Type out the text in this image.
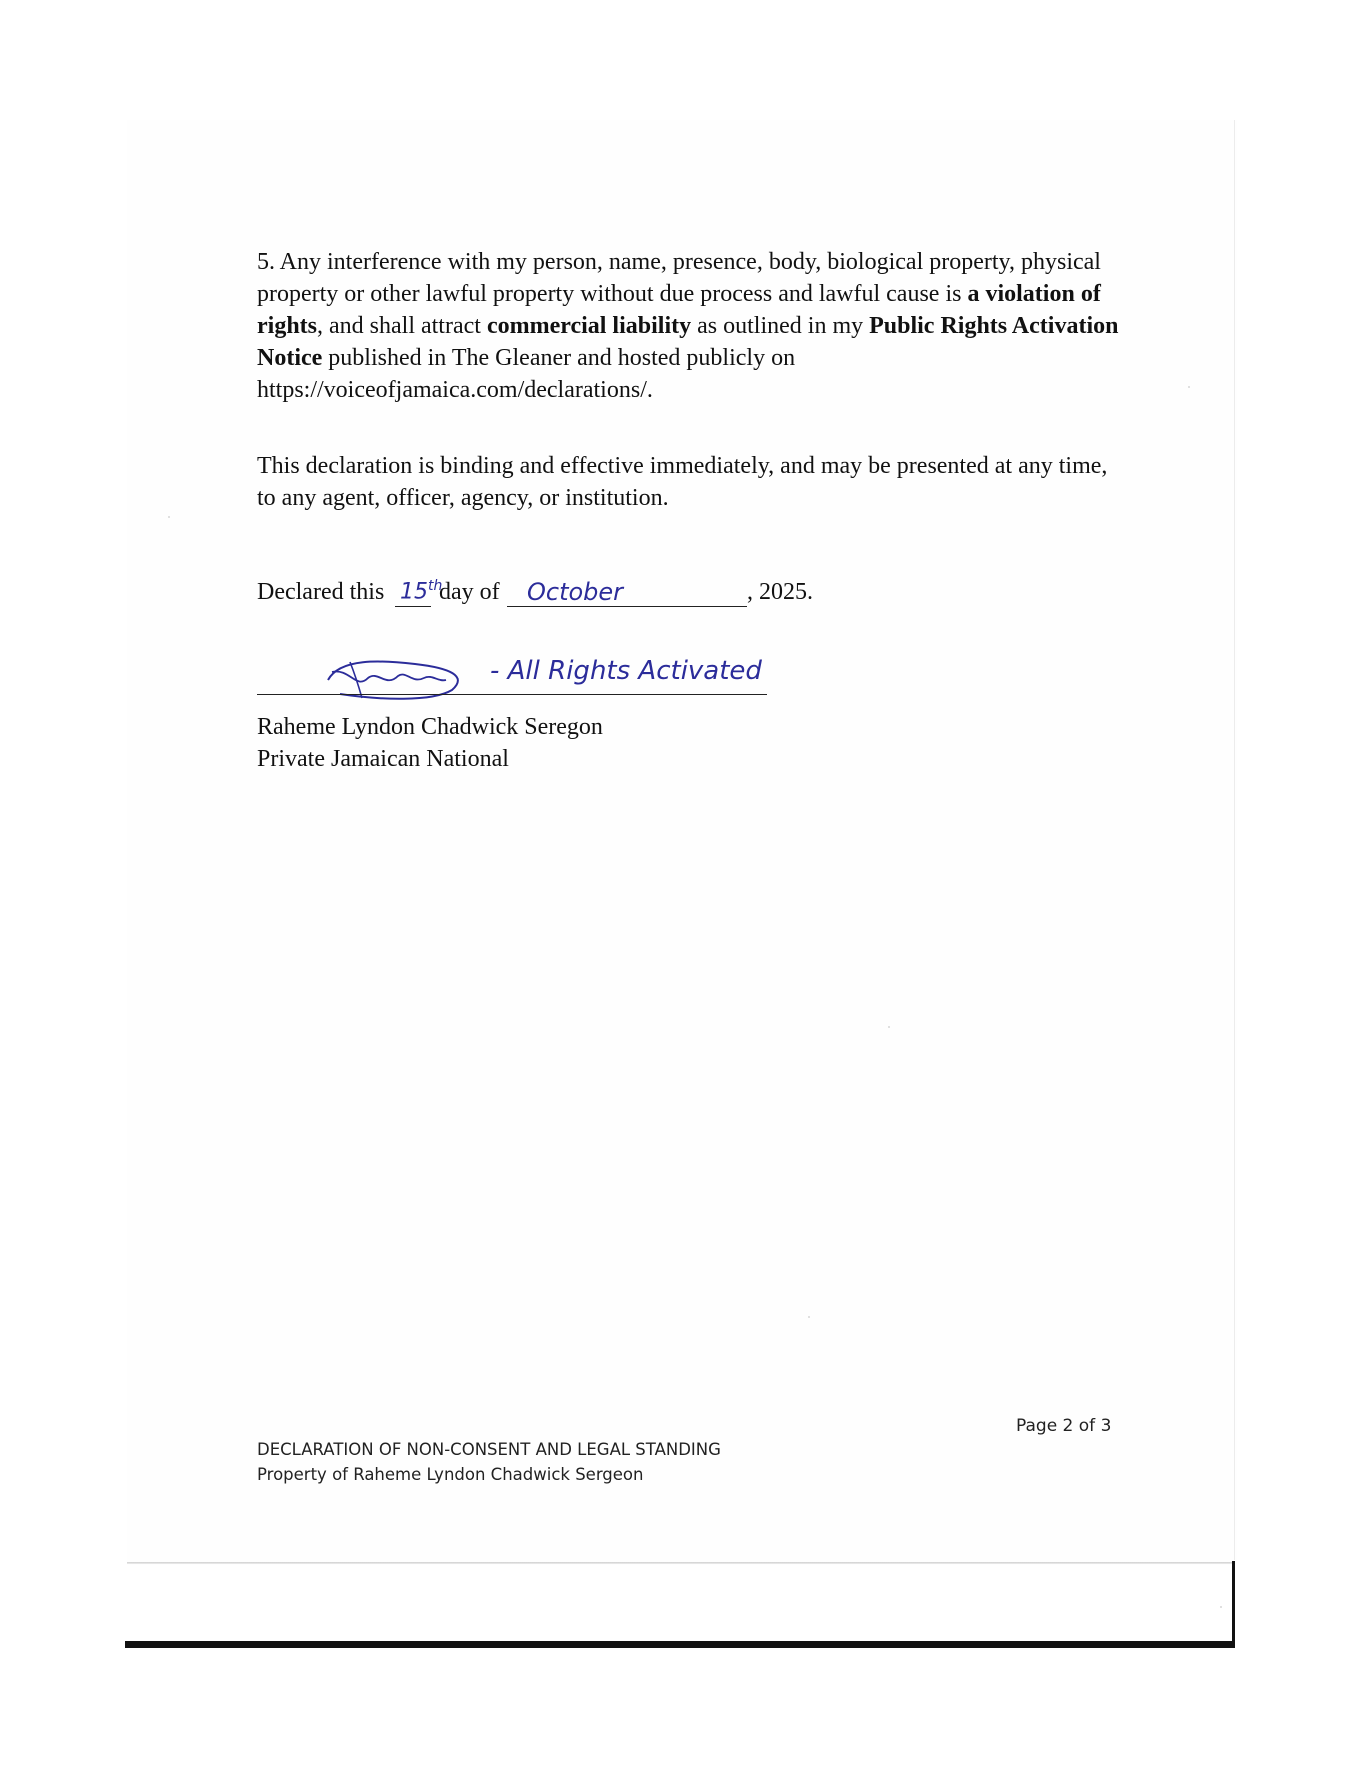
5. Any interference with my person, name, presence, body, biological property, physical property or other lawful property without due process and lawful cause is a violation of rights, and shall attract commercial liability as outlined in my Public Rights Activation Notice published in The Gleaner and hosted publicly on https://voiceofjamaica.com/declarations/.
This declaration is binding and effective immediately, and may be presented at any time, to any agent, officer, agency, or institution.
Declared this 15th
day of October	, 2025.
- All Rights Activated
Raheme Lyndon Chadwick Seregon
Private Jamaican National
Page 2 of 3
DECLARATION OF NON-CONSENT AND LEGAL STANDING
Property of Raheme Lyndon Chadwick Sergeon
